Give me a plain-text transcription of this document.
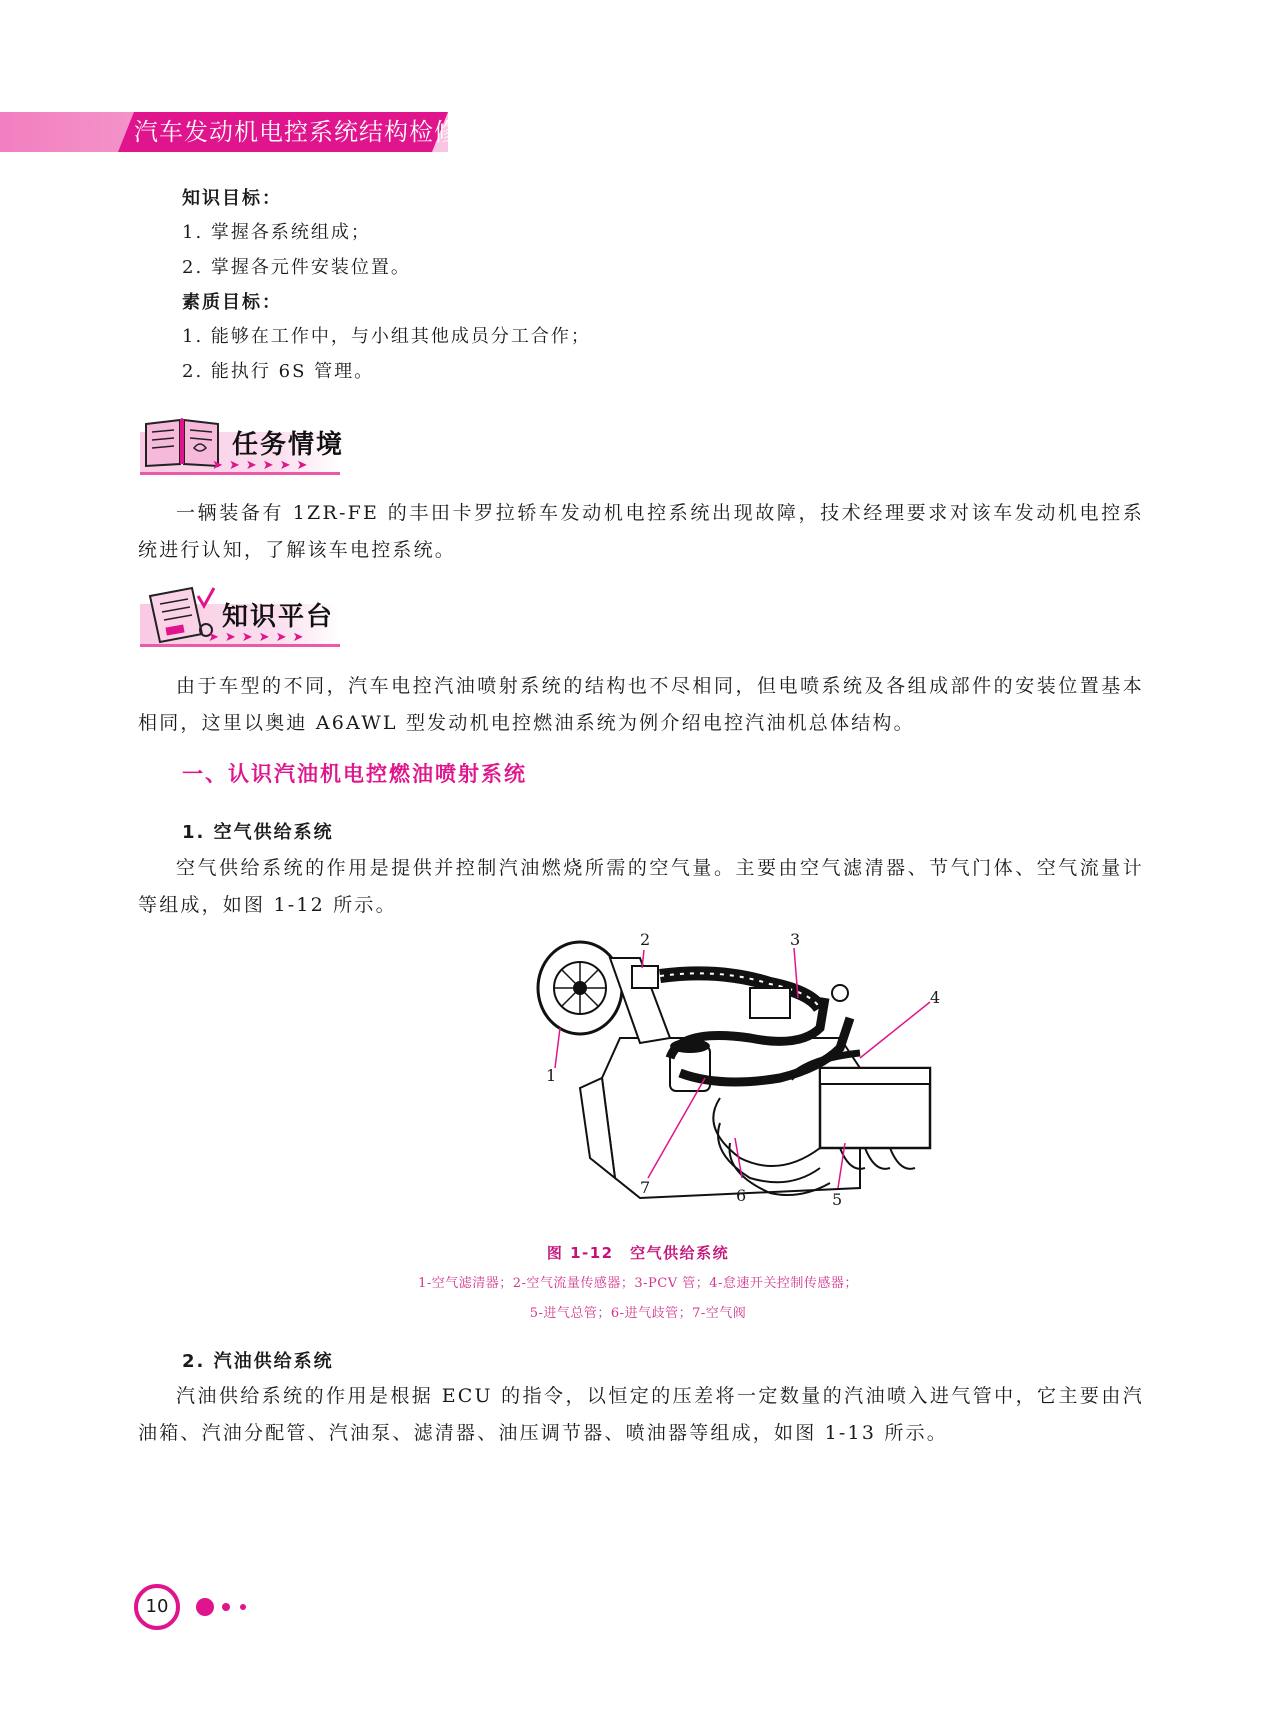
汽车发动机电控系统结构检修
知识目标：
1. 掌握各系统组成；
2. 掌握各元件安装位置。
素质目标：
1. 能够在工作中，与小组其他成员分工合作；
2. 能执行 6S 管理。
任务情境
➤➤➤➤➤➤
一辆装备有 1ZR-FE 的丰田卡罗拉轿车发动机电控系统出现故障，技术经理要求对该车发动机电控系统进行认知，了解该车电控系统。
知识平台
➤➤➤➤➤➤
由于车型的不同，汽车电控汽油喷射系统的结构也不尽相同，但电喷系统及各组成部件的安装位置基本相同，这里以奥迪 A6AWL 型发动机电控燃油系统为例介绍电控汽油机总体结构。
一、认识汽油机电控燃油喷射系统
1. 空气供给系统
空气供给系统的作用是提供并控制汽油燃烧所需的空气量。主要由空气滤清器、节气门体、空气流量计等组成，如图 1-12 所示。
1
2	3
4
5
6
7
图 1-12　空气供给系统
1-空气滤清器；2-空气流量传感器；3-PCV 管；4-怠速开关控制传感器；
5-进气总管；6-进气歧管；7-空气阀
2. 汽油供给系统
汽油供给系统的作用是根据 ECU 的指令，以恒定的压差将一定数量的汽油喷入进气管中，它主要由汽油箱、汽油分配管、汽油泵、滤清器、油压调节器、喷油器等组成，如图 1-13 所示。
10
